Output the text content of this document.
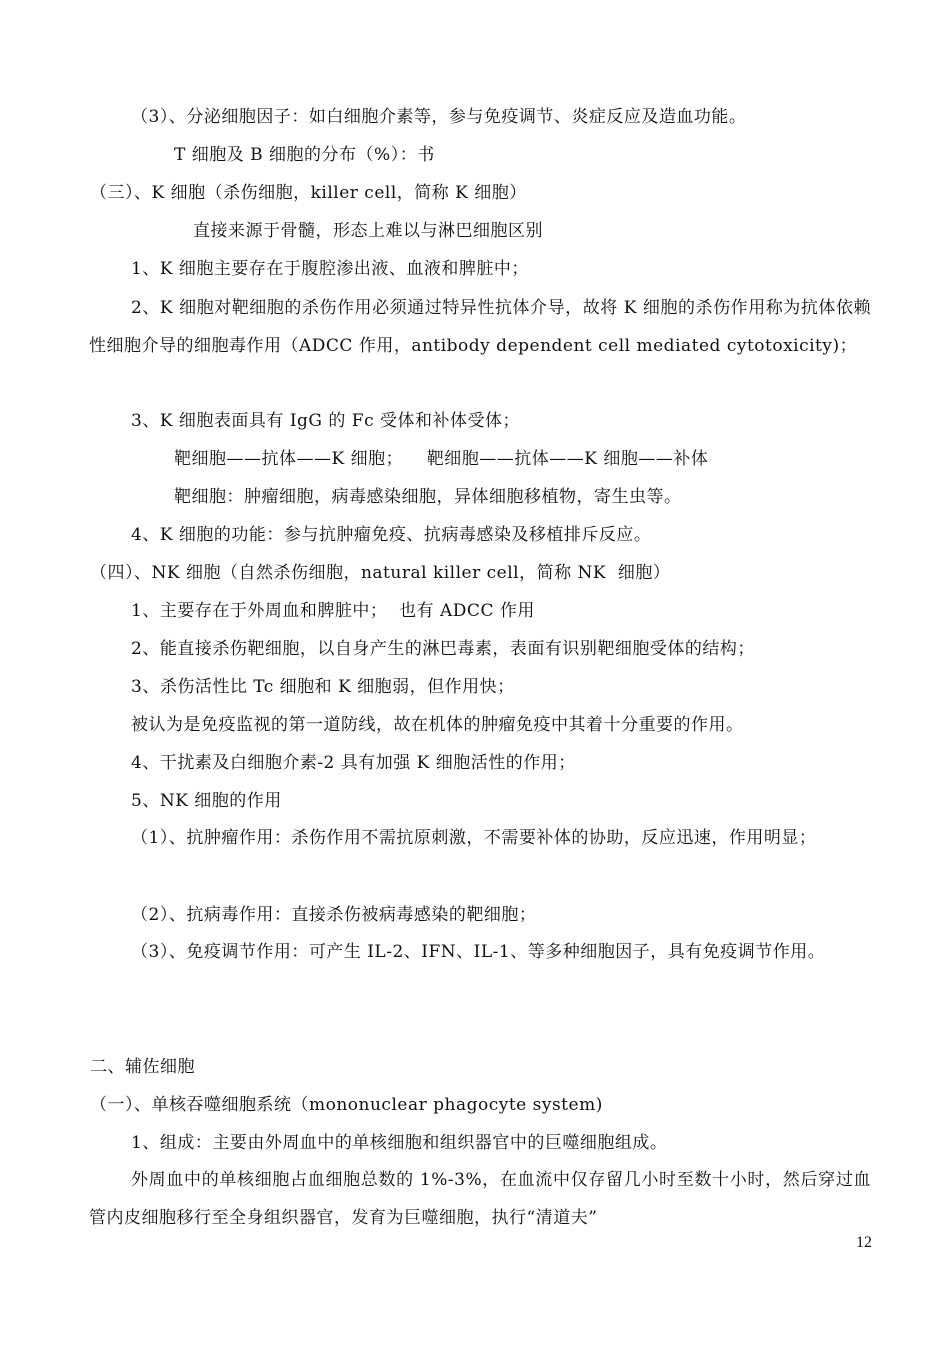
（3）、分泌细胞因子：如白细胞介素等，参与免疫调节、炎症反应及造血功能。
T 细胞及 B 细胞的分布（%）：书
（三）、K 细胞（杀伤细胞，killer cell，简称 K 细胞）
直接来源于骨髓，形态上难以与淋巴细胞区别
1、K 细胞主要存在于腹腔渗出液、血液和脾脏中；
2、K 细胞对靶细胞的杀伤作用必须通过特异性抗体介导，故将 K 细胞的杀伤作用称为抗体依赖性细胞介导的细胞毒作用（ADCC 作用，antibody dependent cell mediated cytotoxicity)；
3、K 细胞表面具有 IgG 的 Fc 受体和补体受体；
靶细胞——抗体——K 细胞；    靶细胞——抗体——K 细胞——补体
靶细胞：肿瘤细胞，病毒感染细胞，异体细胞移植物，寄生虫等。
4、K 细胞的功能：参与抗肿瘤免疫、抗病毒感染及移植排斥反应。
（四）、NK 细胞（自然杀伤细胞，natural killer cell，简称 NK  细胞）
1、主要存在于外周血和脾脏中；  也有 ADCC 作用
2、能直接杀伤靶细胞，以自身产生的淋巴毒素，表面有识别靶细胞受体的结构；
3、杀伤活性比 Tc 细胞和 K 细胞弱，但作用快；
被认为是免疫监视的第一道防线，故在机体的肿瘤免疫中其着十分重要的作用。
4、干扰素及白细胞介素-2 具有加强 K 细胞活性的作用；
5、NK 细胞的作用
（1）、抗肿瘤作用：杀伤作用不需抗原刺激，不需要补体的协助，反应迅速，作用明显；
（2）、抗病毒作用：直接杀伤被病毒感染的靶细胞；
（3）、免疫调节作用：可产生 IL-2、IFN、IL-1、等多种细胞因子，具有免疫调节作用。
二、辅佐细胞
（一）、单核吞噬细胞系统（mononuclear phagocyte system)
1、组成：主要由外周血中的单核细胞和组织器官中的巨噬细胞组成。
外周血中的单核细胞占血细胞总数的 1%-3%，在血流中仅存留几小时至数十小时，然后穿过血管内皮细胞移行至全身组织器官，发育为巨噬细胞，执行“清道夫”
12
